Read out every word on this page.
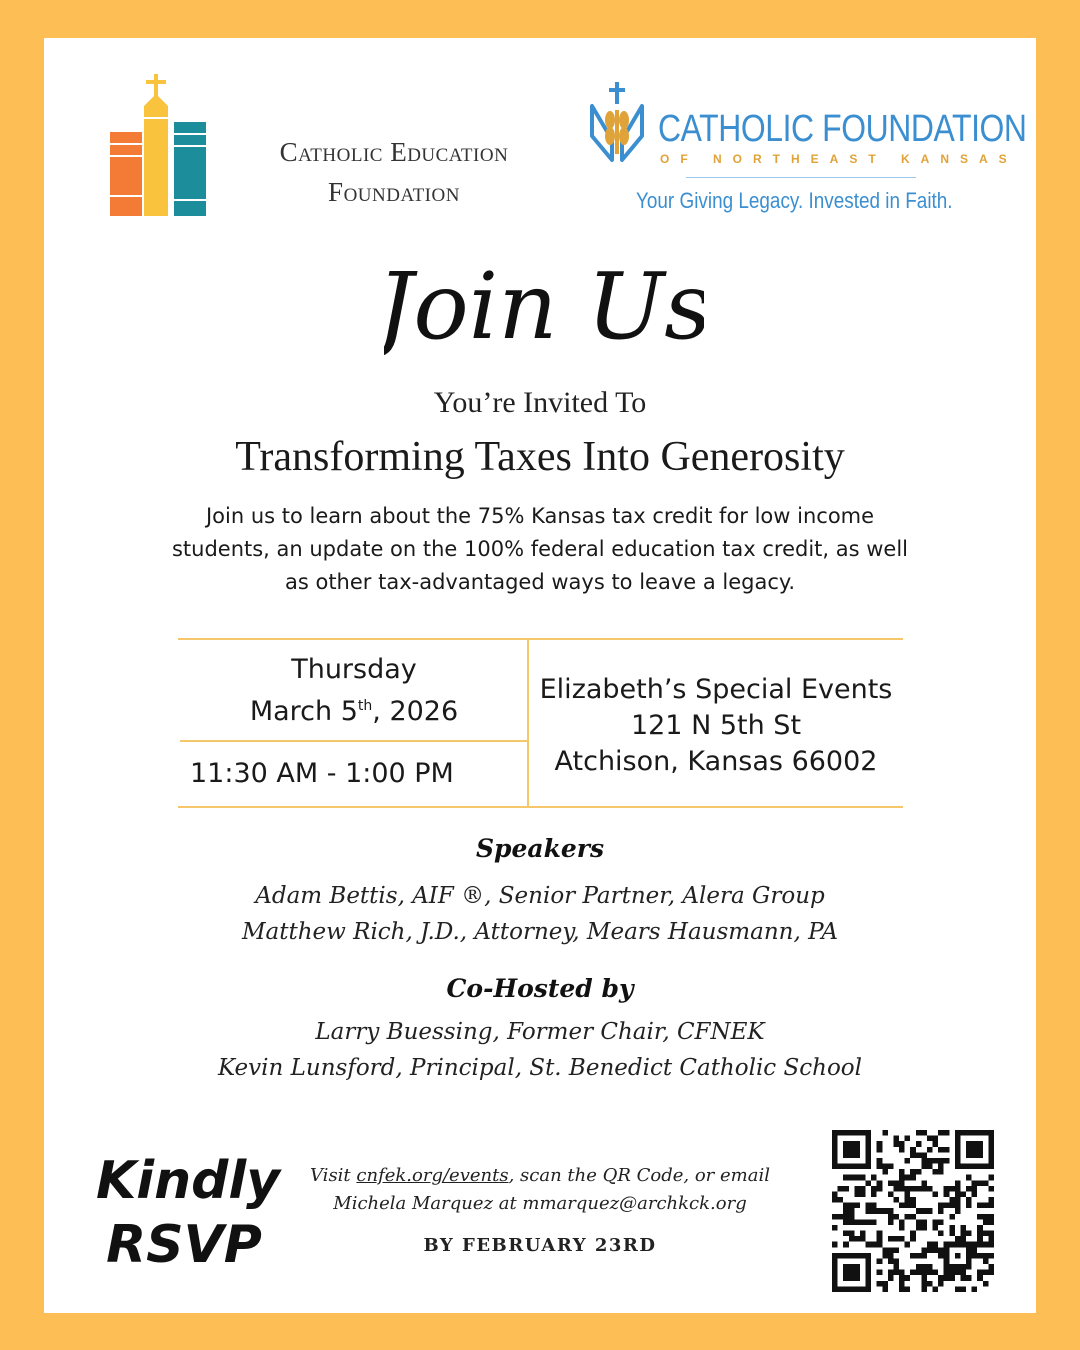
Catholic Education
Foundation
CATHOLIC FOUNDATION
OF NORTHEAST KANSAS
Your Giving Legacy. Invested in Faith.
Join Us
You’re Invited To
Transforming Taxes Into Generosity
Join us to learn about the 75% Kansas tax credit for low income students, an update on the 100% federal education tax credit, as well as other tax-advantaged ways to leave a legacy.
Thursday
March 5th, 2026
11:30 AM - 1:00 PM
Elizabeth’s Special Events
121 N 5th St
Atchison, Kansas 66002
Speakers
Adam Bettis, AIF ®, Senior Partner, Alera Group
Matthew Rich, J.D., Attorney, Mears Hausmann, PA
Co-Hosted by
Larry Buessing, Former Chair, CFNEK
Kevin Lunsford, Principal, St. Benedict Catholic School
Kindly
RSVP
Visit cnfek.org/events, scan the QR Code, or email
Michela Marquez at mmarquez@archkck.org
BY FEBRUARY 23RD
